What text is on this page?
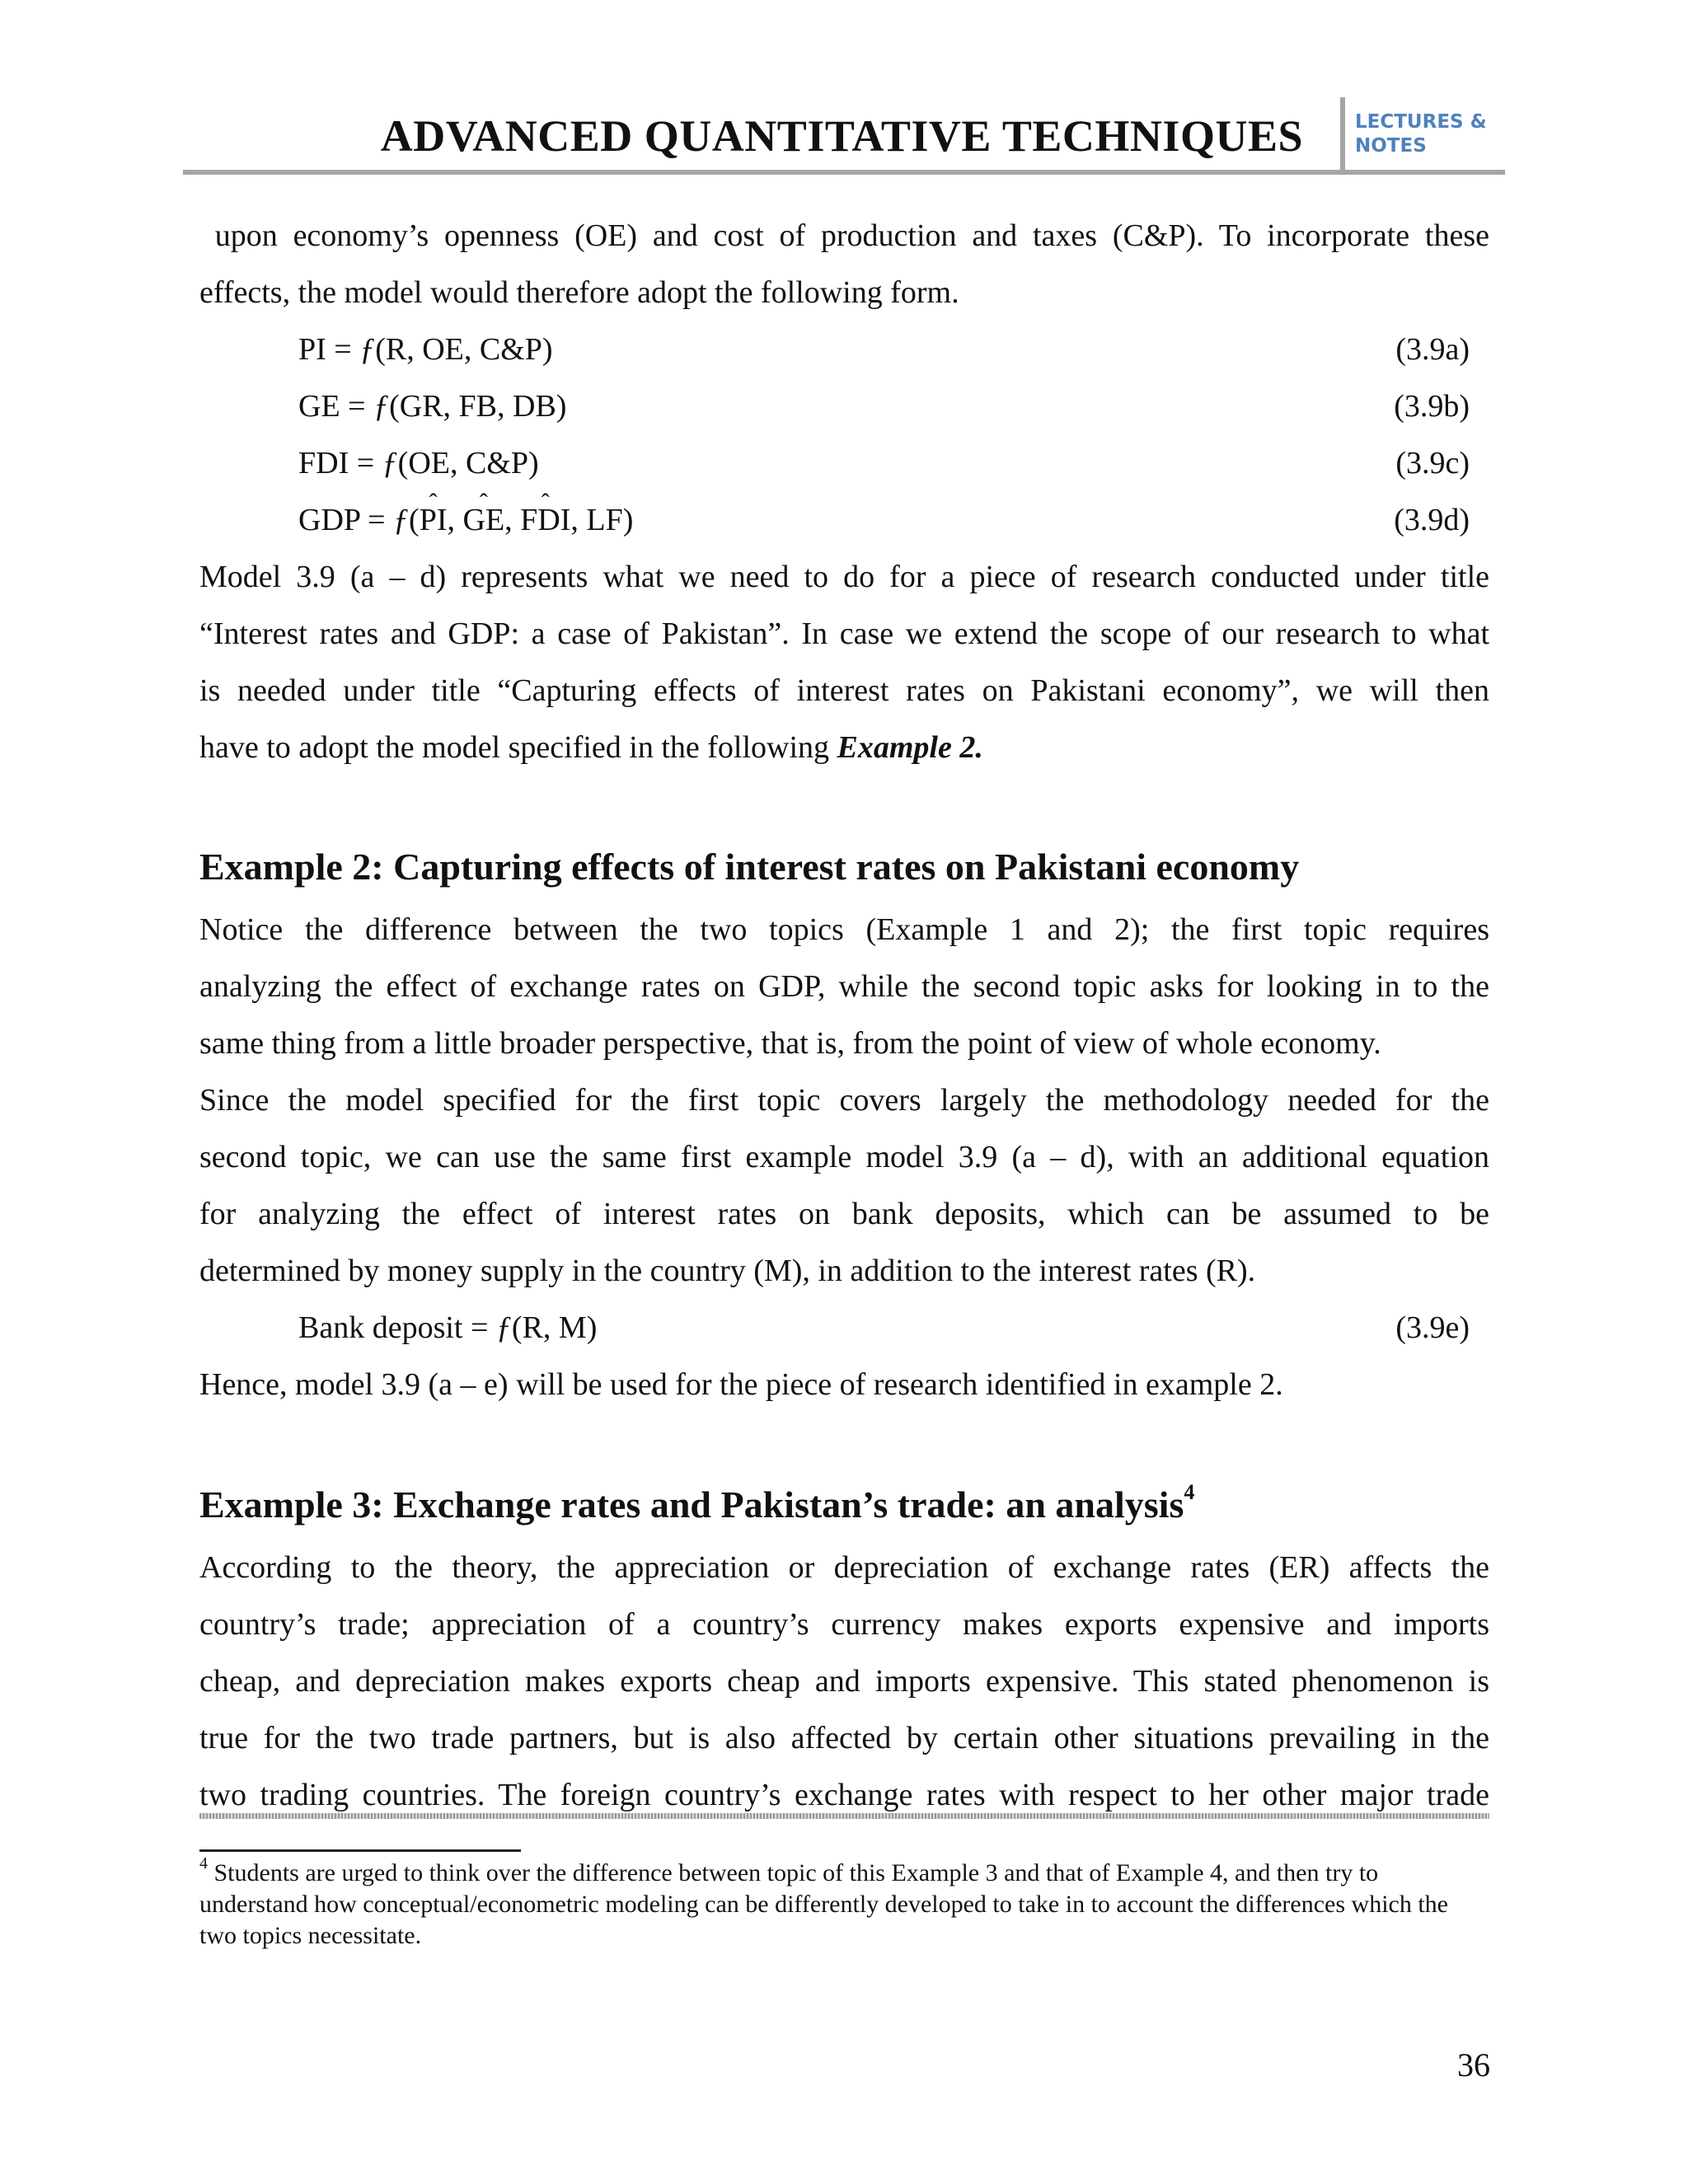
ADVANCED QUANTITATIVE TECHNIQUES	LECTURES &
NOTES

upon economy’s openness (OE) and cost of production and taxes (C&P). To incorporate these

effects, the model would therefore adopt the following form.

PI = ƒ(R, OE, C&P)	(3.9a)
GE = ƒ(GR, FB, DB)	(3.9b)
FDI = ƒ(OE, C&P)	(3.9c)
GDP = ƒ(PI ˆ, GE ˆ, FDI ˆ, LF)	(3.9d)

Model 3.9 (a – d) represents what we need to do for a piece of research conducted under title

“Interest rates and GDP: a case of Pakistan”. In case we extend the scope of our research to what

is needed under title “Capturing effects of interest rates on Pakistani economy”, we will then

have to adopt the model specified in the following Example 2.

Example 2: Capturing effects of interest rates on Pakistani economy

Notice the difference between the two topics (Example 1 and 2); the first topic requires

analyzing the effect of exchange rates on GDP, while the second topic asks for looking in to the

same thing from a little broader perspective, that is, from the point of view of whole economy.

Since the model specified for the first topic covers largely the methodology needed for the

second topic, we can use the same first example model 3.9 (a – d), with an additional equation

for analyzing the effect of interest rates on bank deposits, which can be assumed to be

determined by money supply in the country (M), in addition to the interest rates (R).

Bank deposit = ƒ(R, M)	(3.9e)

Hence, model 3.9 (a – e) will be used for the piece of research identified in example 2.

Example 3: Exchange rates and Pakistan’s trade: an analysis$^4$

According to the theory, the appreciation or depreciation of exchange rates (ER) affects the

country’s trade; appreciation of a country’s currency makes exports expensive and imports

cheap, and depreciation makes exports cheap and imports expensive. This stated phenomenon is

true for the two trade partners, but is also affected by certain other situations prevailing in the

two trading countries. The foreign country’s exchange rates with respect to her other major trade

$^4$ Students are urged to think over the difference between topic of this Example 3 and that of Example 4, and then try to understand how conceptual/econometric modeling can be differently developed to take in to account the differences which the two topics necessitate.

36
